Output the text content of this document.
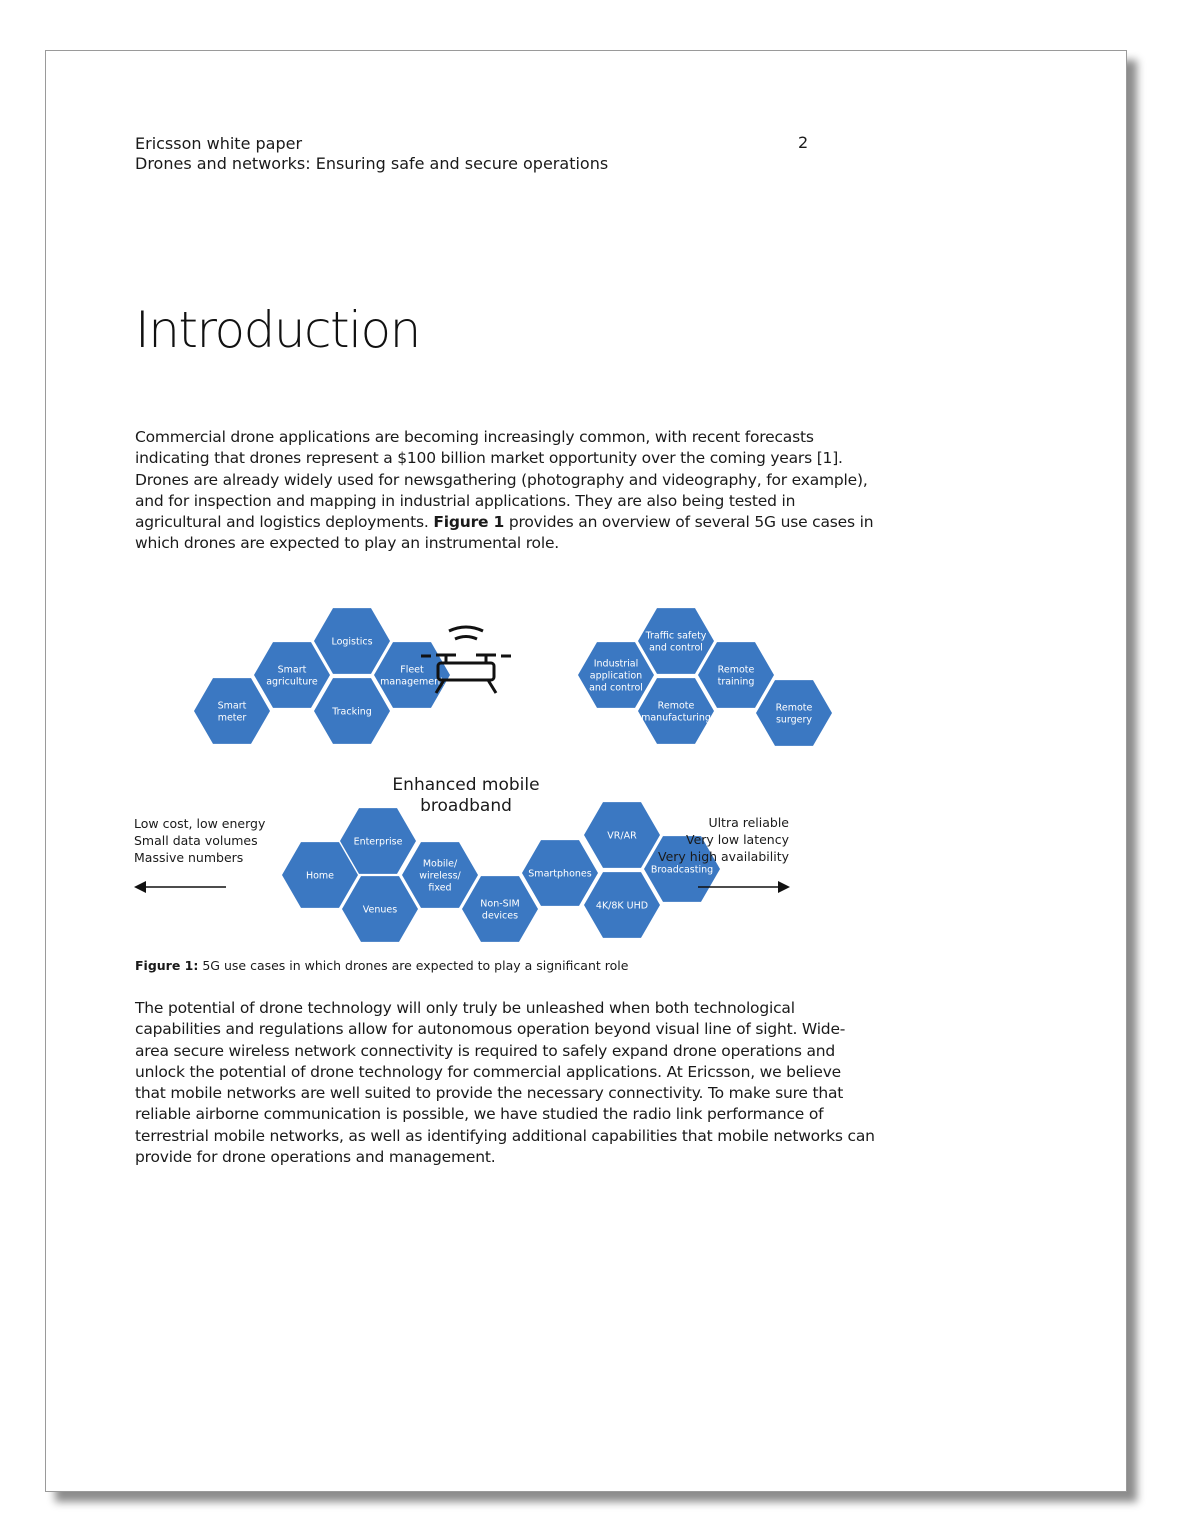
Ericsson white paper
Drones and networks: Ensuring safe and secure operations
2
Introduction

Commercial drone applications are becoming increasingly common, with recent forecasts indicating that drones represent a $100 billion market opportunity over the coming years [1]. Drones are already widely used for newsgathering (photography and videography, for example), and for inspection and mapping in industrial applications. They are also being tested in agricultural and logistics deployments. Figure 1 provides an overview of several 5G use cases in which drones are expected to play an instrumental role.

Logistics
Smart
agriculture
Fleet
management
Tracking
Smart
meter
Traffic safety
and control
Industrial
application
and control
Remote
training
Remote
manufacturing
Remote
surgery
Enterprise
Home
Mobile/
wireless/
fixed
Venues
Non-SIM
devices
Smartphones
VR/AR
Broadcasting
4K/8K UHD
Enhanced mobile
broadband
Low cost, low energy
Small data volumes
Massive numbers
Ultra reliable
Very low latency
Very high availability
Figure 1: 5G use cases in which drones are expected to play a significant role

The potential of drone technology will only truly be unleashed when both technological capabilities and regulations allow for autonomous operation beyond visual line of sight. Wide-area secure wireless network connectivity is required to safely expand drone operations and unlock the potential of drone technology for commercial applications. At Ericsson, we believe that mobile networks are well suited to provide the necessary connectivity. To make sure that reliable airborne communication is possible, we have studied the radio link performance of terrestrial mobile networks, as well as identifying additional capabilities that mobile networks can provide for drone operations and management.
